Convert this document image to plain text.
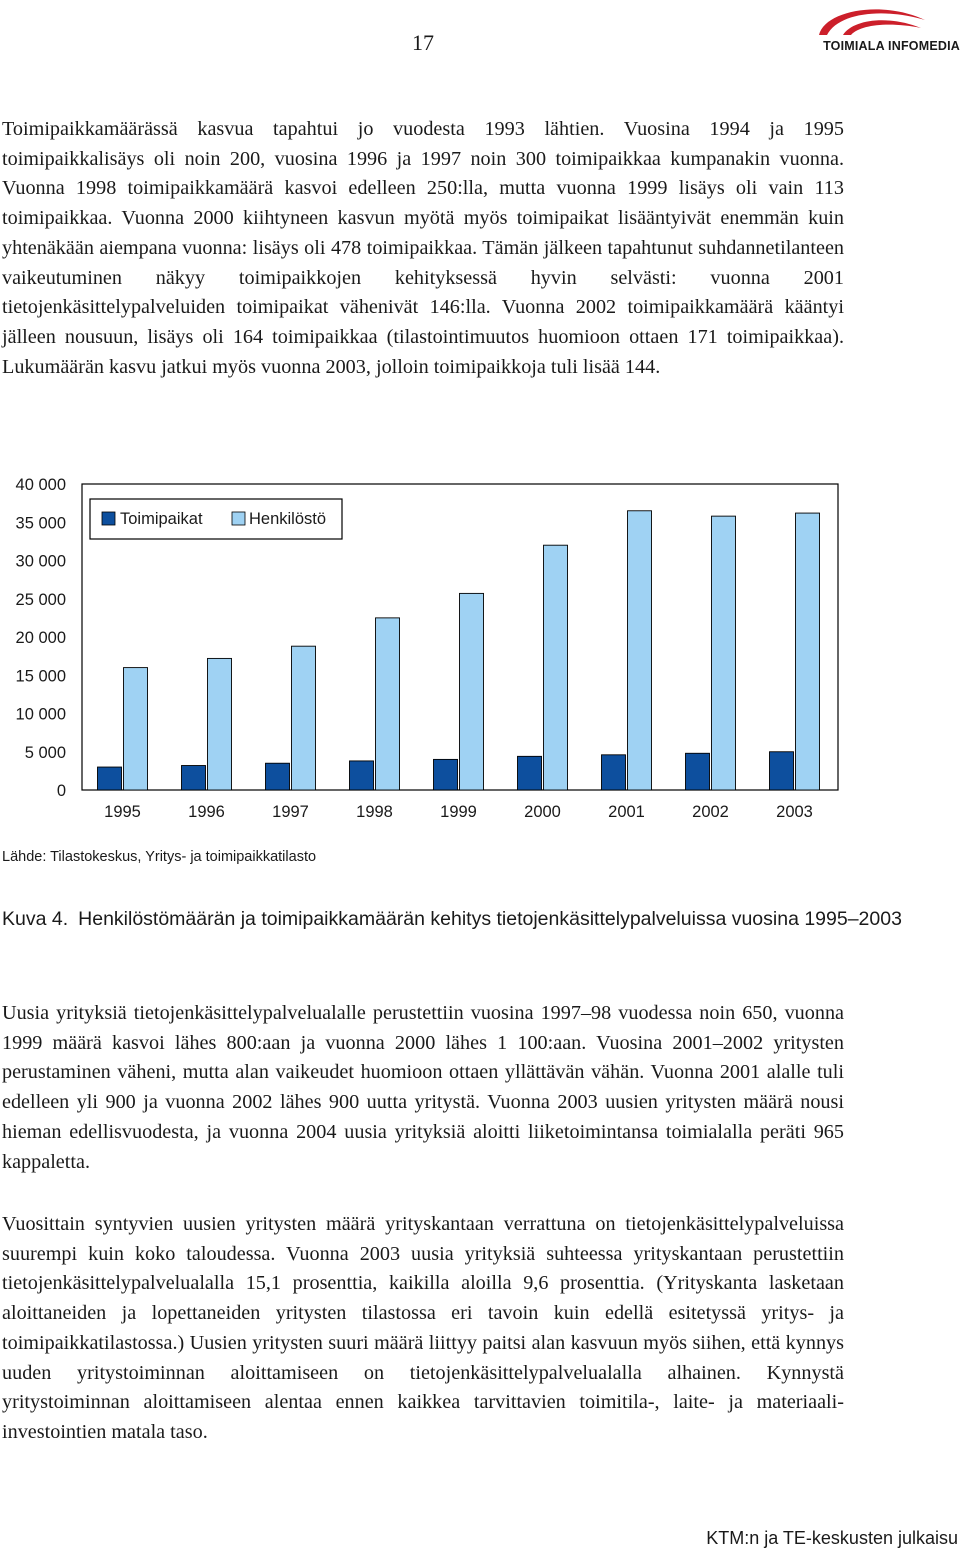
17	TOIMIALA INFOMEDIA

Toimipaikkamäärässä kasvua tapahtui jo vuodesta 1993 lähtien. Vuosina 1994 ja 1995 toimipaikkalisäys oli noin 200, vuosina 1996 ja 1997 noin 300 toimipaikkaa kumpanakin vuonna. Vuonna 1998 toimipaikkamäärä kasvoi edelleen 250:lla, mutta vuonna 1999 lisäys oli vain 113 toimipaikkaa. Vuonna 2000 kiihtyneen kasvun myötä myös toimipaikat lisääntyivät enemmän kuin yhtenäkään aiempana vuonna: lisäys oli 478 toimipaikkaa. Tämän jälkeen tapahtunut suhdannetilanteen vaikeutuminen näkyy toimipaikkojen kehityksessä hyvin selvästi: vuonna 2001 tietojenkäsittelypalveluiden toimipaikat vähenivät 146:lla. Vuonna 2002 toimipaikkamäärä kääntyi jälleen nousuun, lisäys oli 164 toimipaikkaa (tilastointimuutos huomioon ottaen 171 toimipaikkaa). Lukumäärän kasvu jatkui myös vuonna 2003, jolloin toimipaikkoja tuli lisää 144.

0
5 000
10 000
15 000
20 000
25 000
30 000
35 000
40 000
1995	1996	1997	1998	1999	2000	2001	2002	2003
Toimipaikat	Henkilöstö
Lähde: Tilastokeskus, Yritys- ja toimipaikkatilasto
Kuva 4. Henkilöstömäärän ja toimipaikkamäärän kehitys tietojenkäsittelypalveluissa vuosina 1995–2003

Uusia yrityksiä tietojenkäsittelypalvelualalle perustettiin vuosina 1997–98 vuodessa noin 650, vuonna 1999 määrä kasvoi lähes 800:aan ja vuonna 2000 lähes 1 100:aan. Vuosina 2001–2002 yritysten perustaminen väheni, mutta alan vaikeudet huomioon ottaen yllättävän vähän. Vuonna 2001 alalle tuli edelleen yli 900 ja vuonna 2002 lähes 900 uutta yritystä. Vuonna 2003 uusien yritysten määrä nousi hieman edellisvuodesta, ja vuonna 2004 uusia yrityksiä aloitti liiketoimintansa toimialalla peräti 965 kappaletta.

Vuosittain syntyvien uusien yritysten määrä yrityskantaan verrattuna on tietojenkäsittelypalveluissa suurempi kuin koko taloudessa. Vuonna 2003 uusia yrityksiä suhteessa yrityskantaan perustettiin tietojenkäsittelypalvelualalla 15,1 prosenttia, kaikilla aloilla 9,6 prosenttia. (Yrityskanta lasketaan aloittaneiden ja lopettaneiden yritysten tilastossa eri tavoin kuin edellä esitetyssä yritys- ja toimipaikkatilastossa.) Uusien yritysten suuri määrä liittyy paitsi alan kasvuun myös siihen, että kynnys uuden yritystoiminnan aloittamiseen on tietojenkäsittelypalvelualalla alhainen. Kynnystä yritystoiminnan aloittamiseen alentaa ennen kaikkea tarvittavien toimitila-, laite- ja materiaali-investointien matala taso.

KTM:n ja TE-keskusten julkaisu
